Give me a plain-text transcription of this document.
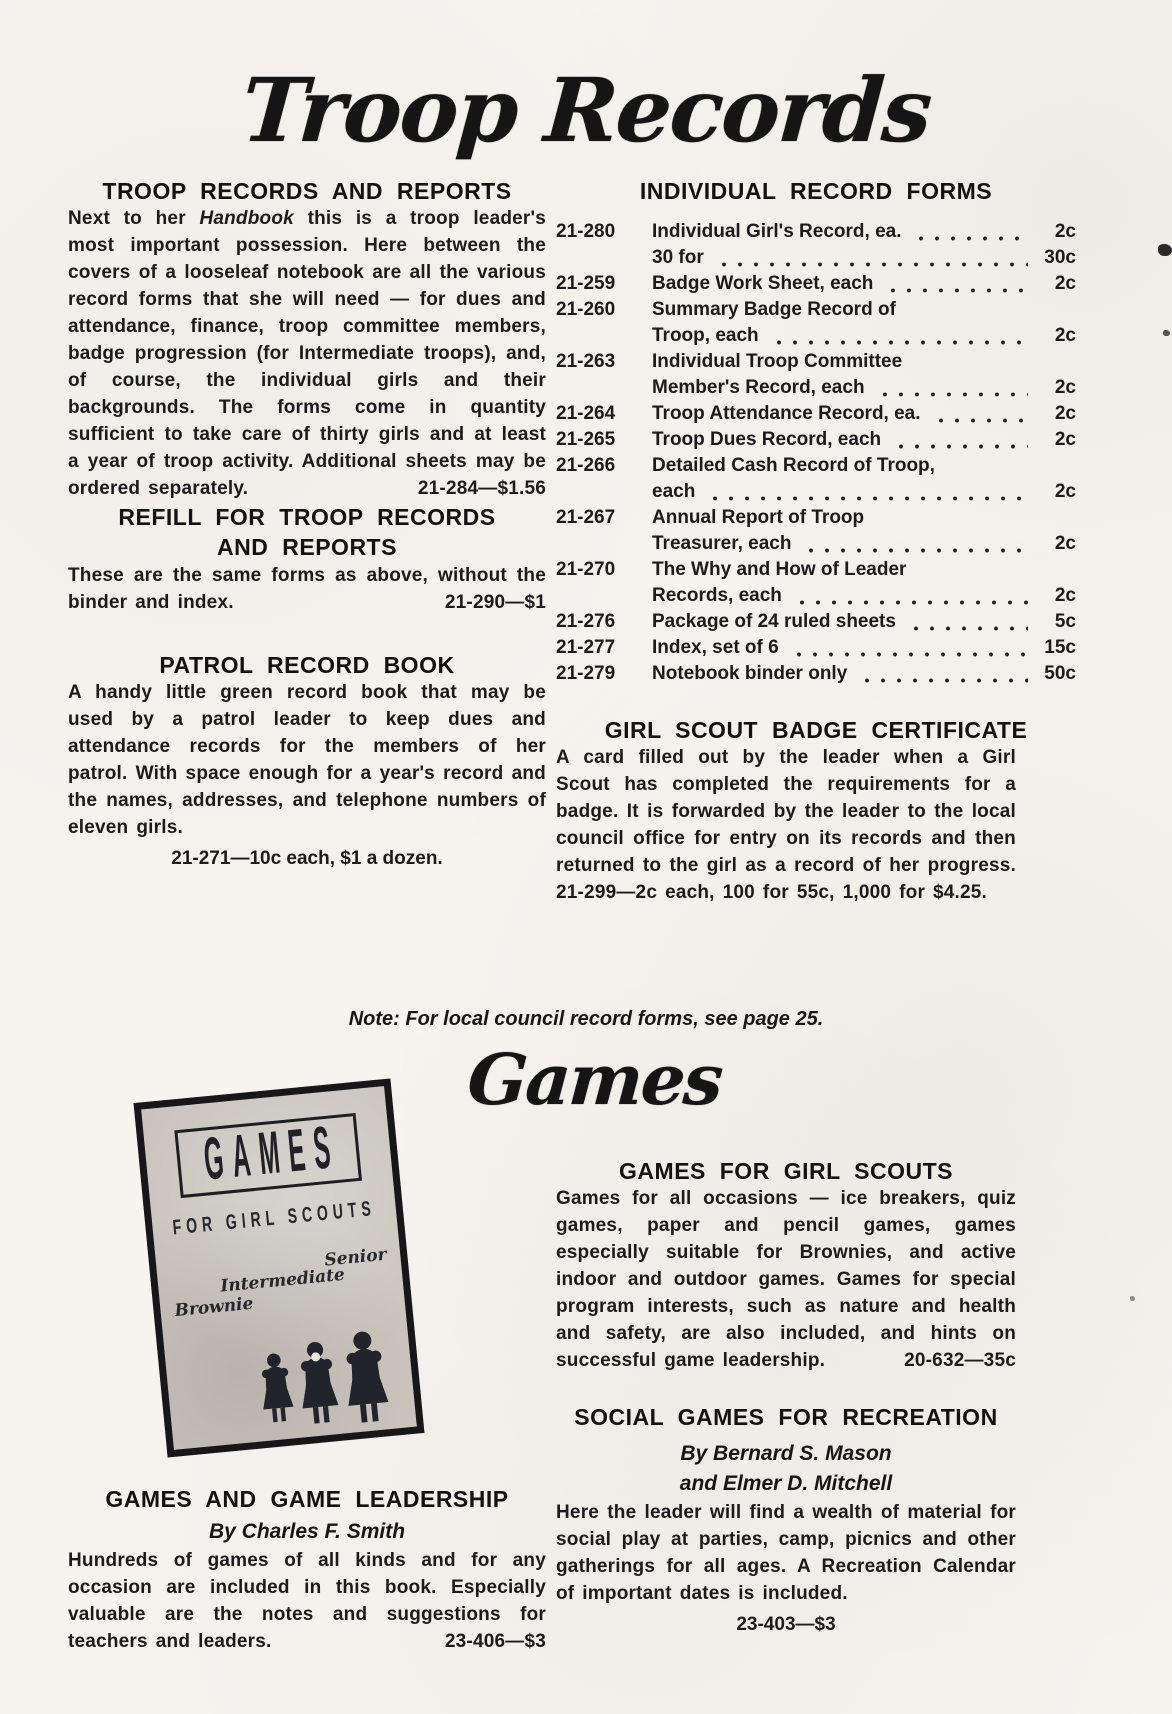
Troop Records
TROOP RECORDS AND REPORTS

Next to her Handbook this is a troop leader's most important possession. Here between the covers of a looseleaf notebook are all the various record forms that she will need — for dues and attendance, finance, troop committee members, badge progression (for Intermediate troops), and, of course, the individual girls and their backgrounds. The forms come in quantity sufficient to take care of thirty girls and at least a year of troop activity. Additional sheets may be ordered separately.	21-284—$1.56

REFILL FOR TROOP RECORDS
AND REPORTS

These are the same forms as above, without the binder and index.	21-290—$1

PATROL RECORD BOOK

A handy little green record book that may be used by a patrol leader to keep dues and attendance records for the members of her patrol. With space enough for a year's record and the names, addresses, and telephone numbers of eleven girls.

21-271—10c each, $1 a dozen.
INDIVIDUAL RECORD FORMS
21-280	Individual Girl's Record, ea.	2c
30 for	30c
21-259	Badge Work Sheet, each	2c
21-260	Summary Badge Record of
Troop, each	2c
21-263	Individual Troop Committee
Member's Record, each	2c
21-264	Troop Attendance Record, ea.	2c
21-265	Troop Dues Record, each	2c
21-266	Detailed Cash Record of Troop,
each	2c
21-267	Annual Report of Troop
Treasurer, each	2c
21-270	The Why and How of Leader
Records, each	2c
21-276	Package of 24 ruled sheets	5c
21-277	Index, set of 6	15c
21-279	Notebook binder only	50c
GIRL SCOUT BADGE CERTIFICATE

A card filled out by the leader when a Girl Scout has completed the requirements for a badge. It is forwarded by the leader to the local council office for entry on its records and then returned to the girl as a record of her progress. 21-299—2c each, 100 for 55c, 1,000 for $4.25.

Note: For local council record forms, see page 25.
Games
GAMES
FOR GIRL SCOUTS
Brownie
Intermediate
Senior
GAMES FOR GIRL SCOUTS

Games for all occasions — ice breakers, quiz games, paper and pencil games, games especially suitable for Brownies, and active indoor and outdoor games. Games for special program interests, such as nature and health and safety, are also included, and hints on successful game leadership.	20-632—35c

SOCIAL GAMES FOR RECREATION

By Bernard S. Mason

and Elmer D. Mitchell

Here the leader will find a wealth of material for social play at parties, camp, picnics and other gatherings for all ages. A Recreation Calendar of important dates is included.

23-403—$3
GAMES AND GAME LEADERSHIP

By Charles F. Smith

Hundreds of games of all kinds and for any occasion are included in this book. Especially valuable are the notes and suggestions for teachers and leaders.	23-406—$3
